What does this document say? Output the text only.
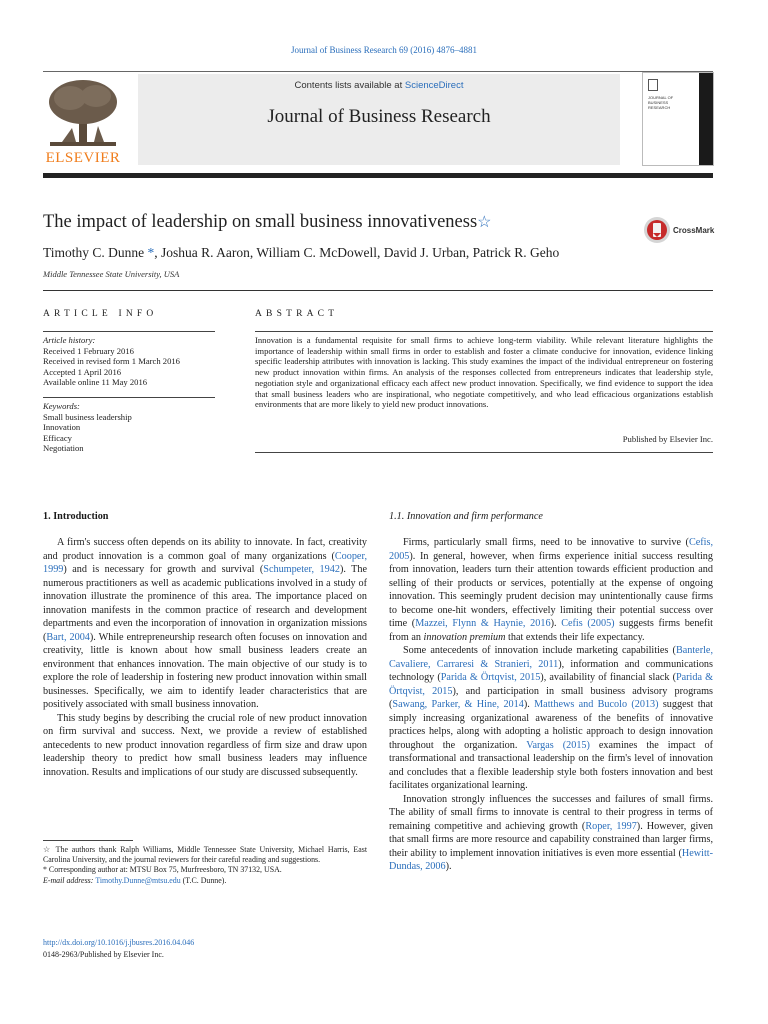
Journal of Business Research 69 (2016) 4876–4881
ELSEVIER
Contents lists available at ScienceDirect
Journal of Business Research
JOURNAL OF BUSINESS RESEARCH
The impact of leadership on small business innovativeness☆	CrossMark
Timothy C. Dunne *, Joshua R. Aaron, William C. McDowell, David J. Urban, Patrick R. Geho
Middle Tennessee State University, USA
ARTICLE INFO
Article history:
Received 1 February 2016
Received in revised form 1 March 2016
Accepted 1 April 2016
Available online 11 May 2016
Keywords:
Small business leadership
Innovation
Efficacy
Negotiation
ABSTRACT
Innovation is a fundamental requisite for small firms to achieve long-term viability. While relevant literature highlights the importance of leadership within small firms in order to establish and foster a climate conducive for innovation, evidence linking specific leadership attributes with innovation is lacking. This study examines the impact of the individual entrepreneur on fostering new product innovation within firms. An analysis of the responses collected from entrepreneurs indicates that leadership style, negotiation style and organizational efficacy each affect new product innovation. Specifically, we find evidence to support the idea that small business leaders who are inspirational, who negotiate competitively, and who lead efficacious organizations establish environments that are more likely to yield new product innovations.
Published by Elsevier Inc.
1. Introduction	1.1. Innovation and firm performance

A firm's success often depends on its ability to innovate. In fact, creativity and product innovation is a common goal of many organizations (Cooper, 1999) and is necessary for growth and survival (Schumpeter, 1942). The numerous practitioners as well as academic publications involved in a study of innovation illustrate the prominence of this area. The importance placed on innovation manifests in the common practice of research and development departments and even the incorporation of innovation in organization missions (Bart, 2004). While entrepreneurship research often focuses on innovation and creativity, little is known about how small business leaders create an environment that enhances innovation. The main objective of our study is to explore the role of leadership in fostering new product innovation within small businesses. Specifically, we aim to identify leader characteristics that are positively associated with small business innovation.

This study begins by describing the crucial role of new product innovation on firm survival and success. Next, we provide a review of established antecedents to new product innovation regardless of firm size and draw upon leadership theory to predict how small business leaders may influence innovation. Results and implications of our study are discussed subsequently.

Firms, particularly small firms, need to be innovative to survive (Cefis, 2005). In general, however, when firms experience initial success resulting from innovation, leaders turn their attention towards efficient production and selling of their products or services, potentially at the expense of ongoing innovation. This seemingly prudent decision may unintentionally cause firms to become one-hit wonders, effectively limiting their potential success over time (Mazzei, Flynn & Haynie, 2016). Cefis (2005) suggests firms benefit from an innovation premium that extends their life expectancy.

Some antecedents of innovation include marketing capabilities (Banterle, Cavaliere, Carraresi & Stranieri, 2011), information and communications technology (Parida & Örtqvist, 2015), availability of financial slack (Parida & Örtqvist, 2015), and participation in small business advisory programs (Sawang, Parker, & Hine, 2014). Matthews and Bucolo (2013) suggest that simply increasing organizational awareness of the benefits of innovative practices helps, along with adopting a holistic approach to design innovation throughout the organization. Vargas (2015) examines the impact of transformational and transactional leadership on the firm's level of innovation and concludes that a flexible leadership style both fosters innovation and best facilitates organizational learning.

Innovation strongly influences the successes and failures of small firms. The ability of small firms to innovate is central to their progress in terms of remaining competitive and achieving growth (Roper, 1997). However, given that small firms are more resource and capability constrained than larger firms, their ability to implement innovation initiatives is even more essential (Hewitt-Dundas, 2006).

☆ The authors thank Ralph Williams, Middle Tennessee State University, Michael Harris, East Carolina University, and the journal reviewers for their careful reading and suggestions.
* Corresponding author at: MTSU Box 75, Murfreesboro, TN 37132, USA.
E-mail address: Timothy.Dunne@mtsu.edu (T.C. Dunne).
http://dx.doi.org/10.1016/j.jbusres.2016.04.046
0148-2963/Published by Elsevier Inc.
